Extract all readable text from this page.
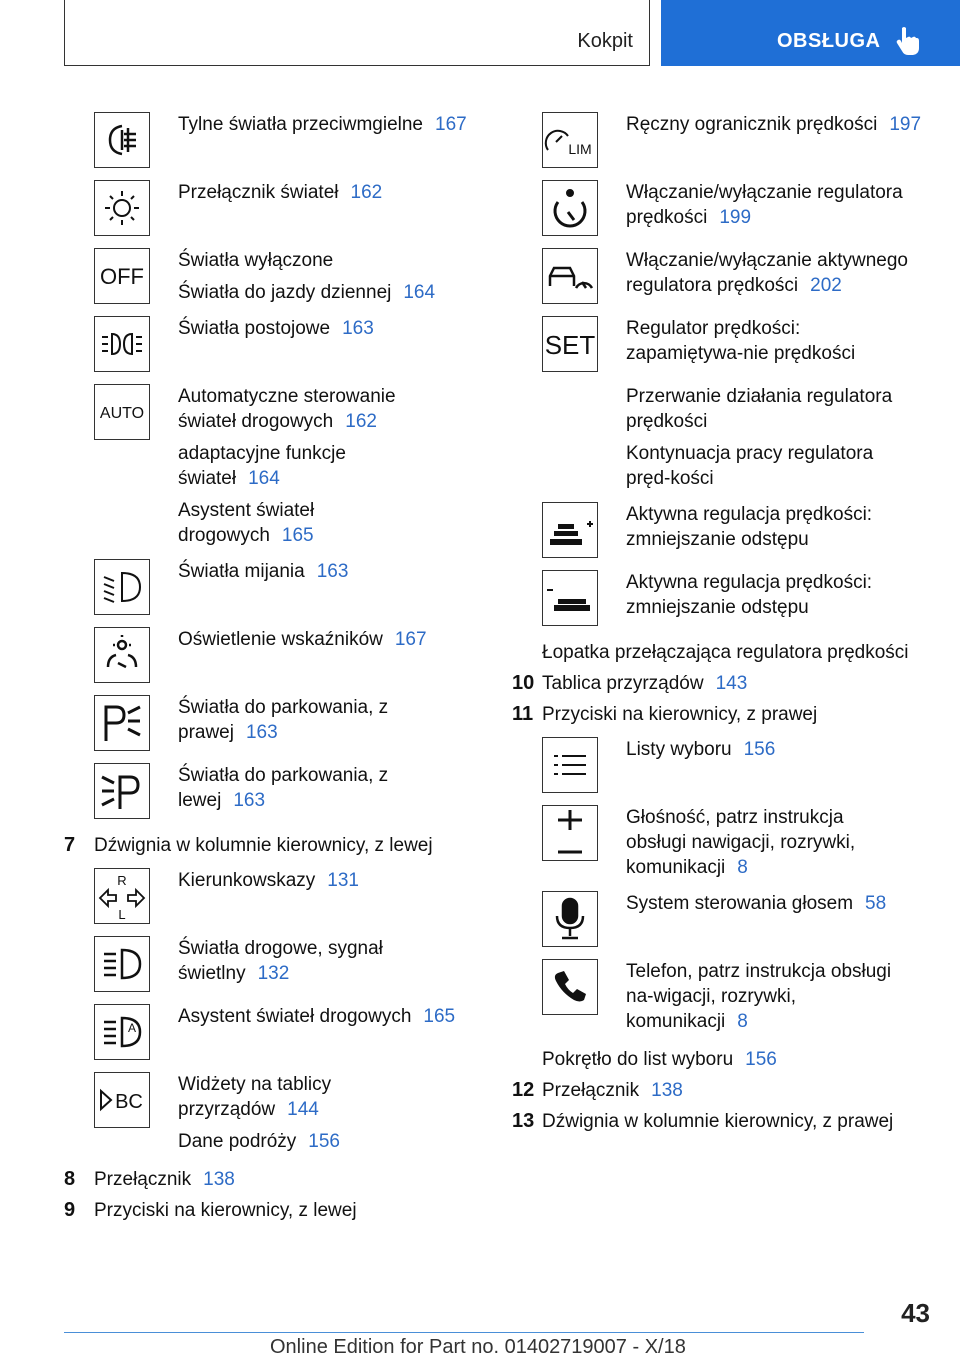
Kokpit	OBSŁUGA

Tylne światła przeciwmgielne 167

Przełącznik świateł 162

OFF

Światła wyłączone

Światła do jazdy dziennej 164

Światła postojowe 163

AUTO

Automatyczne sterowanie świateł drogowych 162

adaptacyjne funkcje świateł 164

Asystent świateł drogowych 165

Światła mijania 163

Oświetlenie wskaźników 167

Światła do parkowania, z prawej 163

Światła do parkowania, z lewej 163

7 Dźwignia w kolumnie kierownicy, z lewej
R
L

Kierunkowskazy 131

Światła drogowe, sygnał świetlny 132

A

Asystent świateł drogowych 165

BC

Widżety na tablicy przyrządów 144

Dane podróży 156

8 Przełącznik 138
9 Przyciski na kierownicy, z lewej
LIM

Ręczny ogranicznik prędkości 197

Włączanie/wyłączanie regulatora prędkości 199

Włączanie/wyłączanie aktywnego regulatora prędkości 202

SET

Regulator prędkości: zapamiętywa-nie prędkości

Przerwanie działania regulatora prędkości

Kontynuacja pracy regulatora pręd-kości

Aktywna regulacja prędkości: zmniejszanie odstępu

Aktywna regulacja prędkości: zmniejszanie odstępu

Łopatka przełączająca regulatora prędkości
10 Tablica przyrządów 143
11 Przyciski na kierownicy, z prawej

Listy wyboru 156

Głośność, patrz instrukcja obsługi nawigacji, rozrywki, komunikacji 8

System sterowania głosem 58

Telefon, patrz instrukcja obsługi na-wigacji, rozrywki, komunikacji 8

Pokrętło do list wyboru 156
12 Przełącznik 138
13 Dźwignia w kolumnie kierownicy, z prawej
43
Online Edition for Part no. 01402719007 - X/18
